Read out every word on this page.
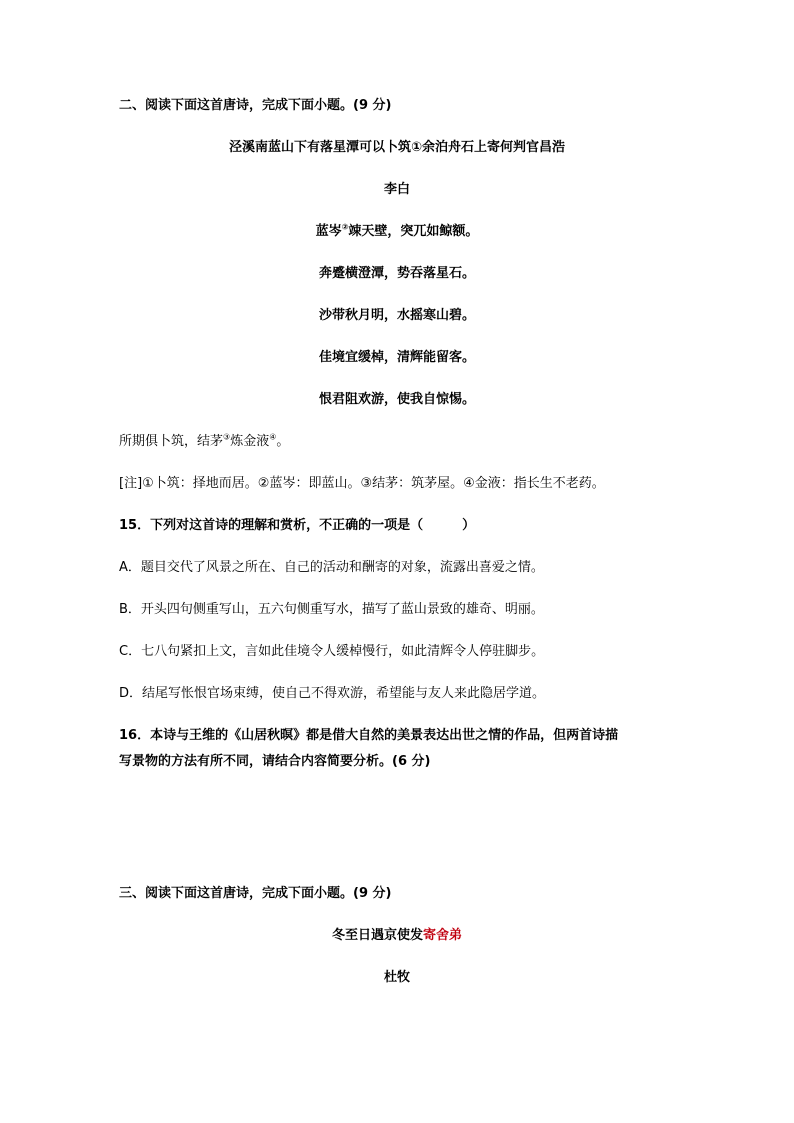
二、阅读下面这首唐诗，完成下面小题。(9 分)
泾溪南蓝山下有落星潭可以卜筑①余泊舟石上寄何判官昌浩
李白
蓝岑②竦天壁，突兀如鲸额。
奔蹙横澄潭，势吞落星石。
沙带秋月明，水摇寒山碧。
佳境宜缓棹，清辉能留客。
恨君阻欢游，使我自惊惕。
所期俱卜筑，结茅③炼金液④。
[注]①卜筑：择地而居。②蓝岑：即蓝山。③结茅：筑茅屋。④金液：指长生不老药。
15．下列对这首诗的理解和赏析，不正确的一项是（　　　）
A．题目交代了风景之所在、自己的活动和酬寄的对象，流露出喜爱之情。
B．开头四句侧重写山，五六句侧重写水，描写了蓝山景致的雄奇、明丽。
C．七八句紧扣上文，言如此佳境令人缓棹慢行，如此清辉令人停驻脚步。
D．结尾写怅恨官场束缚，使自己不得欢游，希望能与友人来此隐居学道。
16．本诗与王维的《山居秋暝》都是借大自然的美景表达出世之情的作品，但两首诗描
写景物的方法有所不同，请结合内容简要分析。(6 分)
三、阅读下面这首唐诗，完成下面小题。(9 分)
冬至日遇京使发寄舍弟
杜牧
